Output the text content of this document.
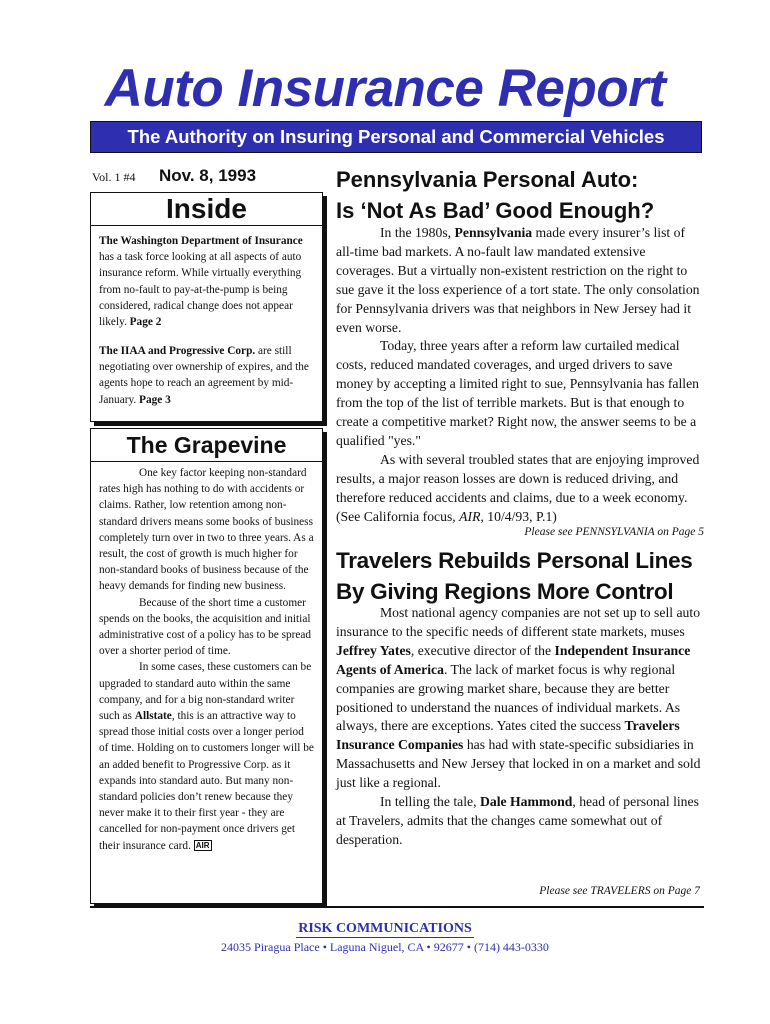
Auto Insurance Report
The Authority on Insuring Personal and Commercial Vehicles
Vol. 1 #4 Nov. 8, 1993
Inside

The Washington Department of Insurance has a task force looking at all aspects of auto insurance reform. While virtually everything from no-fault to pay-at-the-pump is being considered, radical change does not appear likely. Page 2

The IIAA and Progressive Corp. are still negotiating over ownership of expires, and the agents hope to reach an agreement by mid-January. Page 3

The Grapevine

One key factor keeping non-standard rates high has nothing to do with accidents or claims. Rather, low retention among non-standard drivers means some books of business completely turn over in two to three years. As a result, the cost of growth is much higher for non-standard books of business because of the heavy demands for finding new business.

Because of the short time a customer spends on the books, the acquisition and initial administrative cost of a policy has to be spread over a shorter period of time.

In some cases, these customers can be upgraded to standard auto within the same company, and for a big non-standard writer such as Allstate, this is an attractive way to spread those initial costs over a longer period of time. Holding on to customers longer will be an added benefit to Progressive Corp. as it expands into standard auto. But many non-standard policies don’t renew because they never make it to their first year - they are cancelled for non-payment once drivers get their insurance card. AIR

Pennsylvania Personal Auto:
Is ‘Not As Bad’ Good Enough?

In the 1980s, Pennsylvania made every insurer’s list of all-time bad markets. A no-fault law mandated extensive coverages. But a virtually non-existent restriction on the right to sue gave it the loss experience of a tort state. The only consolation for Pennsylvania drivers was that neighbors in New Jersey had it even worse.

Today, three years after a reform law curtailed medical costs, reduced mandated coverages, and urged drivers to save money by accepting a limited right to sue, Pennsylvania has fallen from the top of the list of terrible markets. But is that enough to create a competitive market? Right now, the answer seems to be a qualified "yes."

As with several troubled states that are enjoying improved results, a major reason losses are down is reduced driving, and therefore reduced accidents and claims, due to a week economy. (See California focus, AIR, 10/4/93, P.1)

Please see PENNSYLVANIA on Page 5
Travelers Rebuilds Personal Lines
By Giving Regions More Control

Most national agency companies are not set up to sell auto insurance to the specific needs of different state markets, muses Jeffrey Yates, executive director of the Independent Insurance Agents of America. The lack of market focus is why regional companies are growing market share, because they are better positioned to understand the nuances of individual markets. As always, there are exceptions. Yates cited the success Travelers Insurance Companies has had with state-specific subsidiaries in Massachusetts and New Jersey that locked in on a market and sold just like a regional.

In telling the tale, Dale Hammond, head of personal lines at Travelers, admits that the changes came somewhat out of desperation.

Please see TRAVELERS on Page 7
RISK COMMUNICATIONS
24035 Piragua Place • Laguna Niguel, CA • 92677 • (714) 443-0330
